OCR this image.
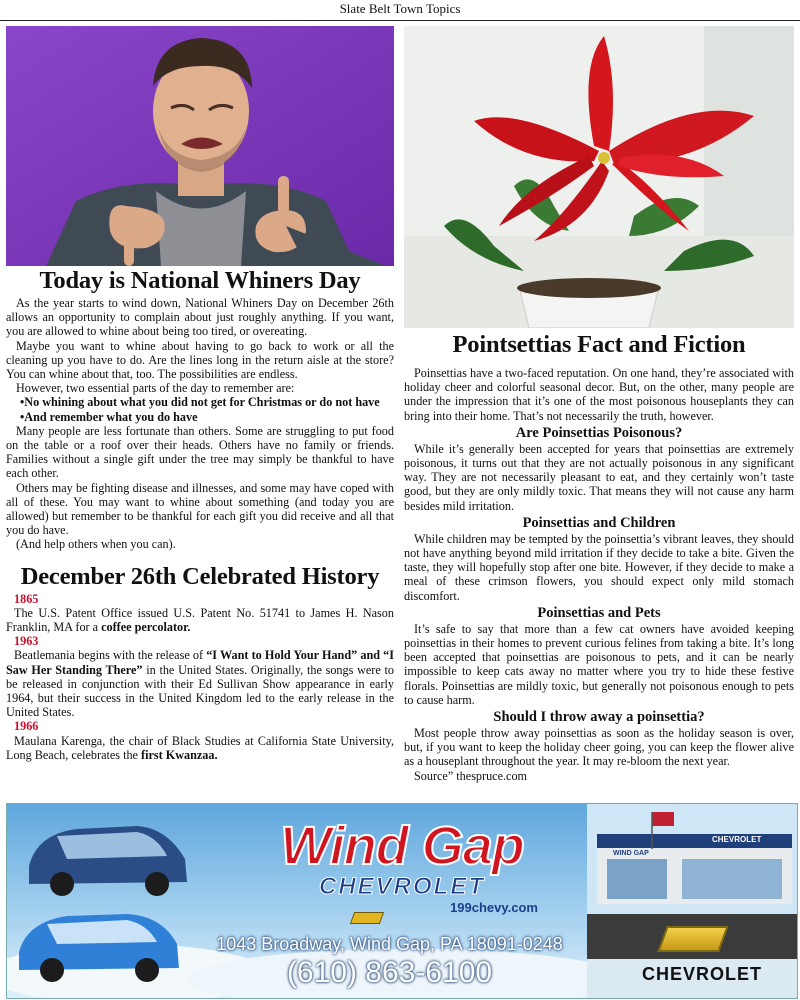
Slate Belt Town Topics
Today is National Whiners Day

As the year starts to wind down, National Whiners Day on December 26th allows an opportunity to complain about just roughly anything. If you want, you are allowed to whine about being too tired, or overeating.

Maybe you want to whine about having to go back to work or all the cleaning up you have to do. Are the lines long in the return aisle at the store? You can whine about that, too. The possibilities are endless.

However, two essential parts of the day to remember are:

• No whining about what you did not get for Christmas or do not have
• And remember what you do have

Many people are less fortunate than others. Some are struggling to put food on the table or a roof over their heads. Others have no family or friends. Families without a single gift under the tree may simply be thankful to have each other.

Others may be fighting disease and illnesses, and some may have coped with all of these. You may want to whine about something (and today you are allowed) but remember to be thankful for each gift you did receive and all that you do have.

(And help others when you can).

December 26th Celebrated History

1865

The U.S. Patent Office issued U.S. Patent No. 51741 to James H. Nason Franklin, MA for a coffee percolator.

1963

Beatlemania begins with the release of “I Want to Hold Your Hand” and “I Saw Her Standing There” in the United States. Originally, the songs were to be released in conjunction with their Ed Sullivan Show appearance in early 1964, but their success in the United Kingdom led to the early release in the United States.

1966

Maulana Karenga, the chair of Black Studies at California State University, Long Beach, celebrates the first Kwanzaa.

Pointsettias Fact and Fiction

Poinsettias have a two-faced reputation. On one hand, they’re associated with holiday cheer and colorful seasonal decor. But, on the other, many people are under the impression that it’s one of the most poisonous houseplants they can bring into their home. That’s not necessarily the truth, however.

Are Poinsettias Poisonous?

While it’s generally been accepted for years that poinsettias are extremely poisonous, it turns out that they are not actually poisonous in any significant way. They are not necessarily pleasant to eat, and they certainly won’t taste good, but they are only mildly toxic. That means they will not cause any harm besides mild irritation.

Poinsettias and Children

While children may be tempted by the poinsettia’s vibrant leaves, they should not have anything beyond mild irritation if they decide to take a bite. Given the taste, they will hopefully stop after one bite. However, if they decide to make a meal of these crimson flowers, you should expect only mild stomach discomfort.

Poinsettias and Pets

It’s safe to say that more than a few cat owners have avoided keeping poinsettias in their homes to prevent curious felines from taking a bite. It’s long been accepted that poinsettias are poisonous to pets, and it can be nearly impossible to keep cats away no matter where you try to hide these festive florals. Poinsettias are mildly toxic, but generally not poisonous enough to pets to cause harm.

Should I throw away a poinsettia?

Most people throw away poinsettias as soon as the holiday season is over, but, if you want to keep the holiday cheer going, you can keep the flower alive as a houseplant throughout the year. It may re-bloom the next year.

Source” thespruce.com

Wind Gap
CHEVROLET
199chevy.com
1043 Broadway, Wind Gap, PA 18091-0248
(610) 863-6100	CHEVROLET
CHEVROLET
WIND GAP
